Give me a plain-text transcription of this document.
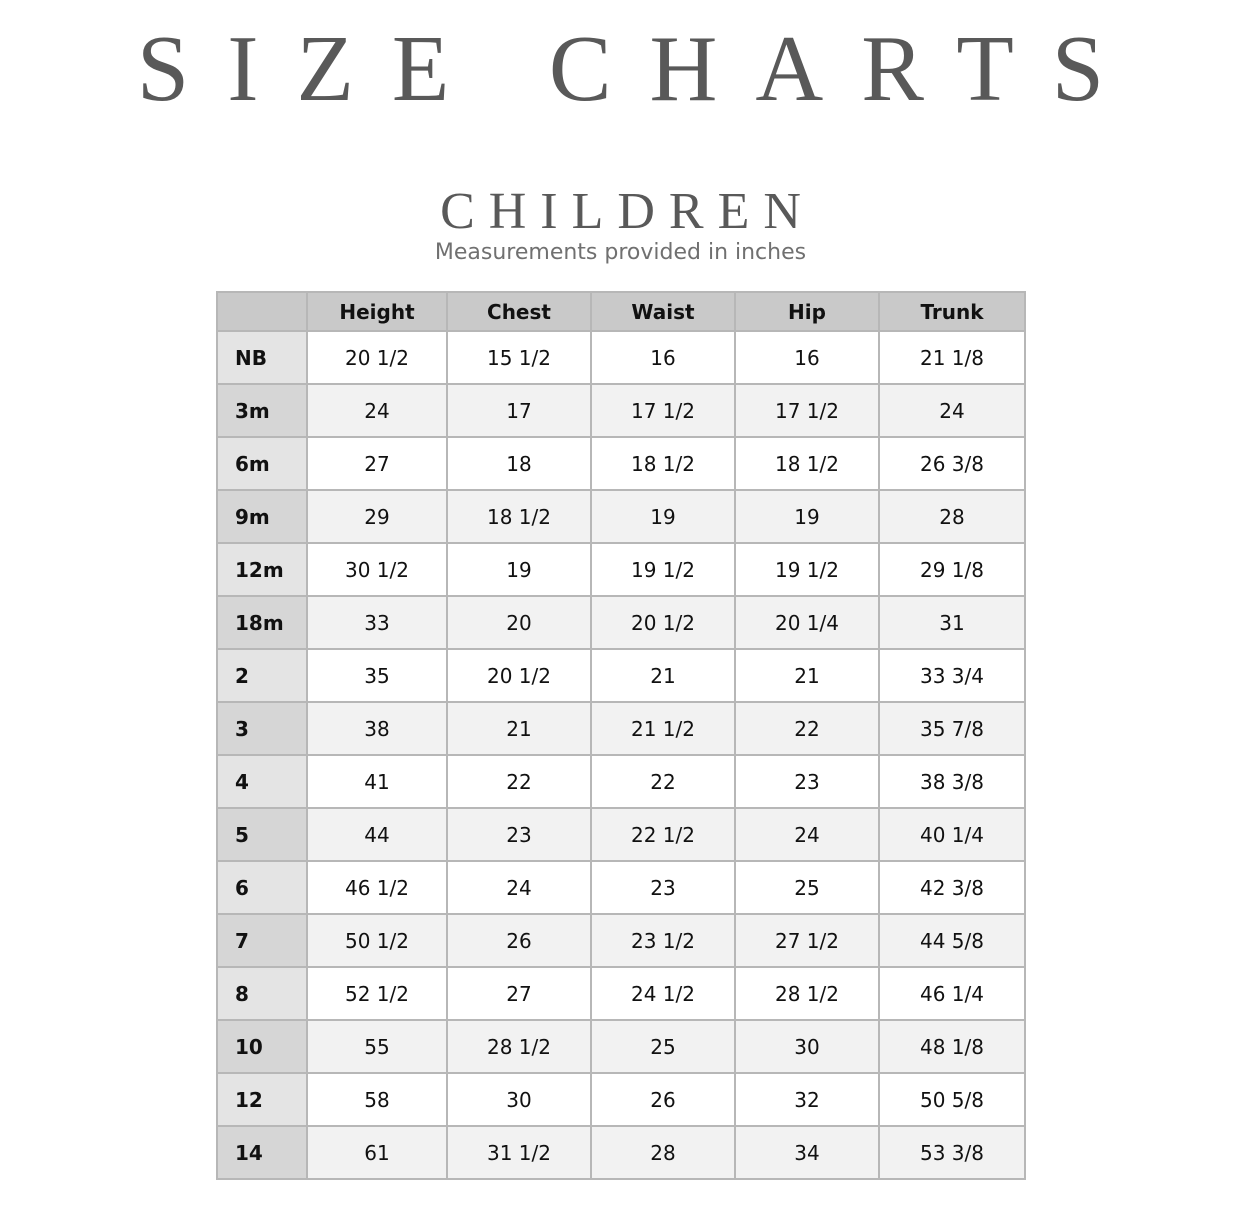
SIZE CHARTS
CHILDREN
Measurements provided in inches
	Height	Chest	Waist	Hip	Trunk
NB	20 1/2	15 1/2	16	16	21 1/8
3m	24	17	17 1/2	17 1/2	24
6m	27	18	18 1/2	18 1/2	26 3/8
9m	29	18 1/2	19	19	28
12m	30 1/2	19	19 1/2	19 1/2	29 1/8
18m	33	20	20 1/2	20 1/4	31
2	35	20 1/2	21	21	33 3/4
3	38	21	21 1/2	22	35 7/8
4	41	22	22	23	38 3/8
5	44	23	22 1/2	24	40 1/4
6	46 1/2	24	23	25	42 3/8
7	50 1/2	26	23 1/2	27 1/2	44 5/8
8	52 1/2	27	24 1/2	28 1/2	46 1/4
10	55	28 1/2	25	30	48 1/8
12	58	30	26	32	50 5/8
14	61	31 1/2	28	34	53 3/8
